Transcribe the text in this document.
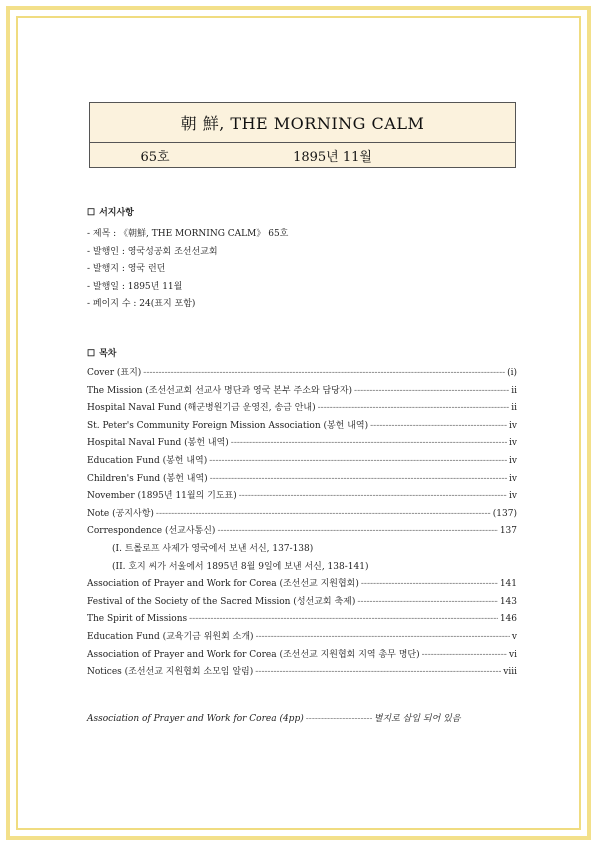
朝 鮮, THE MORNING CALM
65호	1895년 11월
☐ 서지사항
- 제목 : 《朝鮮, THE MORNING CALM》 65호
- 발행인 : 영국성공회 조선선교회
- 발행지 : 영국 런던
- 발행일 : 1895년 11월
- 페이지 수 : 24(표지 포함)
☐ 목차
Cover (표지) -----	(i)
The Mission (조선선교회 선교사 명단과 영국 본부 주소와 담당자) -----	ii
Hospital Naval Fund (해군병원기금 운영진, 송금 안내) -----	ii
St. Peter's Community Foreign Mission Association (봉헌 내역) -----	iv
Hospital Naval Fund (봉헌 내역) -----	iv
Education Fund (봉헌 내역) -----	iv
Children's Fund (봉헌 내역) -----	iv
November (1895년 11월의 기도표) -----	iv
Note (공지사항) -----	(137)
Correspondence (선교사통신) -----	137
(I. 트롤로프 사제가 영국에서 보낸 서신, 137-138)
(II. 호지 씨가 서울에서 1895년 8월 9일에 보낸 서신, 138-141)
Association of Prayer and Work for Corea (조선선교 지원협회) -----	141
Festival of the Society of the Sacred Mission (성선교회 축제) -----	143
The Spirit of Missions -----	146
Education Fund (교육기금 위원회 소개) -----	v
Association of Prayer and Work for Corea (조선선교 지원협회 지역 총무 명단) -----	vi
Notices (조선선교 지원협회 소모임 알림) -----	viii
Association of Prayer and Work for Corea (4pp) -----	별지로 삽입 되어 있음
